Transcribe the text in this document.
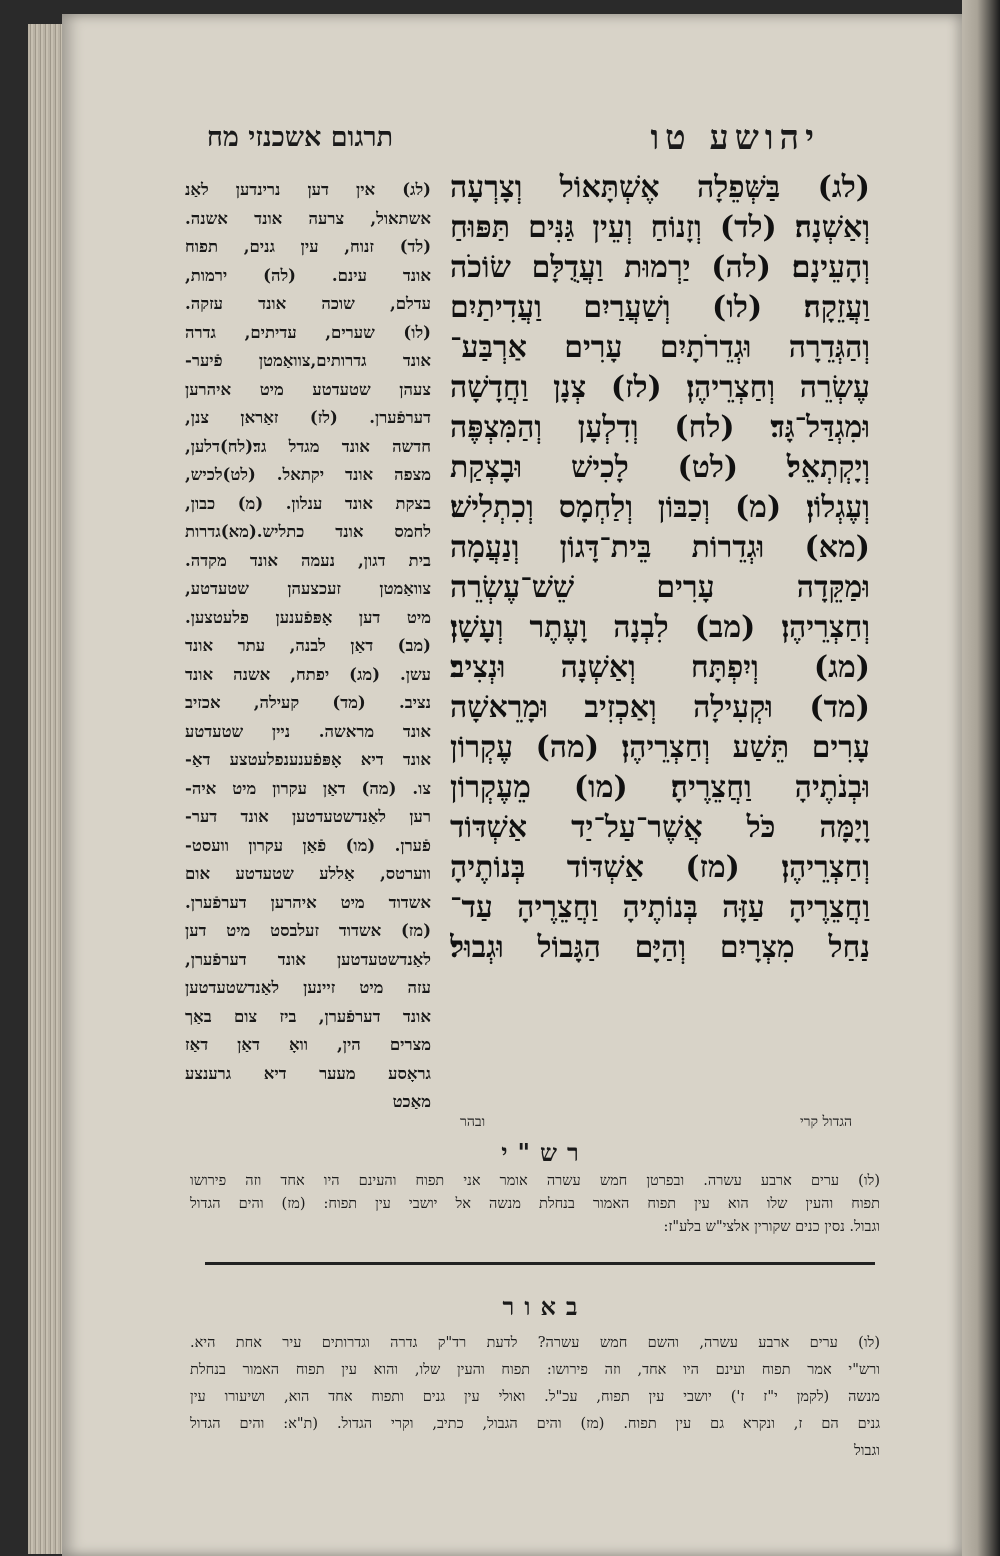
יהושע טו
תרגום אשכנזי מח
(לג) בַּשְּׁפֵלָה אֶשְׁתָּאוֹל וְצָרְעָה
וְאַשְׁנָה׃ (לד) וְזָנוֹחַ וְעֵין גַּנִּים תַּפּוּחַ
וְהָעֵינָם׃ (לה) יַרְמוּת וַעֲדֻלָּם שׂוֹכֹה
וַעֲזֵקָה׃ (לו) וְשַׁעֲרַיִם וַעֲדִיתַיִם
וְהַגְּדֵרָה וּגְדֵרֹתָיִם עָרִים אַרְבַּע־
עֶשְׂרֵה וְחַצְרֵיהֶן׃ (לז) צְנָן וַחֲדָשָׁה
וּמִגְדַּל־גָּד׃ (לח) וְדִלְעָן וְהַמִּצְפֶּה
וְיָקְתְאֵל׃ (לט) לָכִישׁ וּבָצְקַת
וְעֶגְלוֹן׃ (מ) וְכַבּוֹן וְלַחְמָס וְכִתְלִישׁ׃
(מא) וּגְדֵרוֹת בֵּית־דָּגוֹן וְנַעֲמָה
וּמַקֵּדָה עָרִים שֵׁשׁ־עֶשְׂרֵה
וְחַצְרֵיהֶן׃ (מב) לִבְנָה וָעֶתֶר וְעָשָׁן׃
(מג) וְיִפְתָּח וְאַשְׁנָה וּנְצִיב׃
(מד) וּקְעִילָה וְאַכְזִיב וּמָרֵאשָׁה
עָרִים תֵּשַׁע וְחַצְרֵיהֶן׃ (מה) עֶקְרוֹן
וּבְנֹתֶיהָ וַחֲצֵרֶיהָ׃ (מו) מֵעֶקְרוֹן
וָיָמָּה כֹּל אֲשֶׁר־עַל־יַד אַשְׁדּוֹד
וְחַצְרֵיהֶן׃ (מז) אַשְׁדּוֹד בְּנוֹתֶיהָ
וַחֲצֵרֶיהָ עַזָּה בְּנוֹתֶיהָ וַחֲצֵרֶיהָ עַד־
נַחַל מִצְרָיִם וְהַיָּם הַגָּבוֹל וּגְבוּל׃
ובהר	הגדול קרי
(לג) אין דען נרינדען לאַנ
אשתאול, צרעה אונד אשנה.
(לד) זנוח, עין גנים, תפוח
אונד עינם. (לה) ירמות,
עדלם, שוכה אונד עזקה.
(לו) שערים, עדיתים, גדרה
אונד גדרותים,צוואַמטן פֿיער-
צעהן שטעדטע מיט איהרען
דערפֿערן. (לז) זאַראן צנן,
חדשה אונד מגדל גד׃(לח)דלען,
מצפה אונד יקתאל. (לט)לכיש,
בצקת אונד ענלון. (מ) כבון,
לחמס אונד כתליש.(מא)גדרות
בית דגון, נעמה אונד מקדה.
צוואַמטן זעכצעהן שטעדטע,
מיט דען אָפּפֿענען פלעטצען.
(מב) דאַן לבנה, עתר אונד
עשן. (מג) יפתח, אשנה אונד
נציב. (מד) קעילה, אכזיב
אונד מראשה. ניין שטעדטע
אונד דיא אָפּפֿענענפלעטצע דאַ-
צו. (מה) דאַן עקרון מיט איה-
רען לאַנדשטעדטען אונד דער-
פֿערן. (מו) פֿאַן עקרון וועסט-
ווערטס, אַללע שטעדטע אום
אשדוד מיט איהרען דערפֿערן.
(מז) אשדוד זעלבסט מיט דען
לאַנדשטעדטען אונד דערפֿערן,
עזה מיט זיינען לאַנדשטעדטען
אונד דערפֿערן, ביז צום באַך
מצרים הין, וואָ דאַן דאַז
גראָסע מעער דיא גרענצע
מאַכט
רש"י
(לו) ערים ארבע עשרה. ובפרטן חמש עשרה אומר אני תפוח והעינם היו אחד וזה פירושו
תפוח והעין שלו הוא עין תפוח האמור בנחלת מנשה אל יושבי עין תפוח: (מז) והים הגדול
וגבול. נסין כנים שקורין אלצי"ש בלע"ז:
באור
(לו) ערים ארבע עשרה, והשם חמש עשרה? לדעת רד"ק גדרה וגדרותים עיר אחת היא.
ורש"י אמר תפוח ועינם היו אחד, וזה פירושו: תפוח והעין שלו, והוא עין תפוח האמור בנחלת
מנשה (לקמן י"ז ז') יושבי עין תפוח, עכ"ל. ואולי עין גנים ותפוח אחד הוא, ושיעורו עין
גנים הם ז, ונקרא גם עין תפוח. (מז) והים הגבול, כתיב, וקרי הגדול. (ת"א: והים הגדול
וגבול
